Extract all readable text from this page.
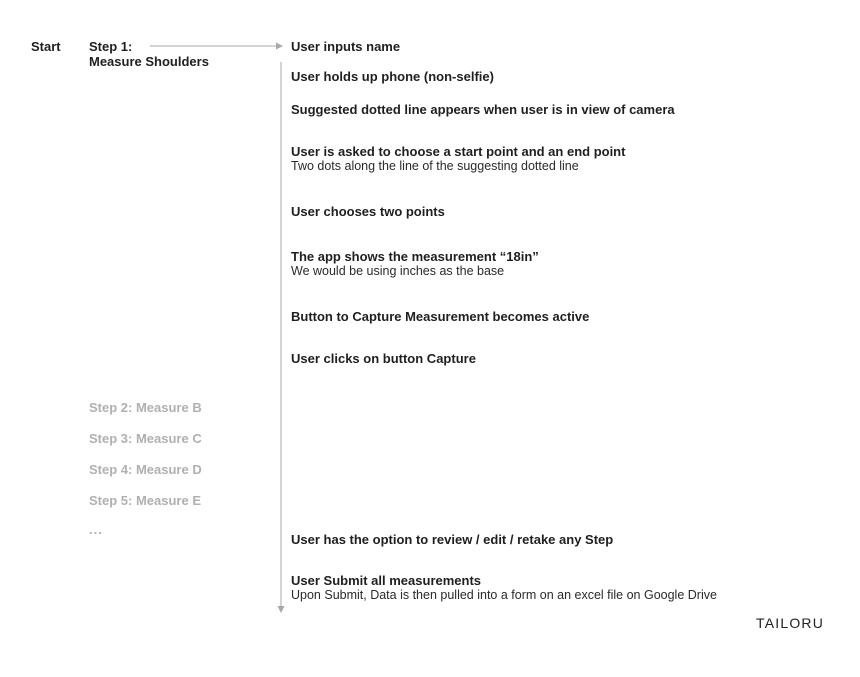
Start Step 1:
Measure Shoulders
User inputs name
User holds up phone (non-selfie)
Suggested dotted line appears when user is in view of camera
User is asked to choose a start point and an end point
Two dots along the line of the suggesting dotted line
User chooses two points
The app shows the measurement “18in”
We would be using inches as the base
Button to Capture Measurement becomes active
User clicks on button Capture
User has the option to review / edit / retake any Step
User Submit all measurements
Upon Submit, Data is then pulled into a form on an excel file on Google Drive
Step 2: Measure B
Step 3: Measure C
Step 4: Measure D
Step 5: Measure E
...
TAILORU
